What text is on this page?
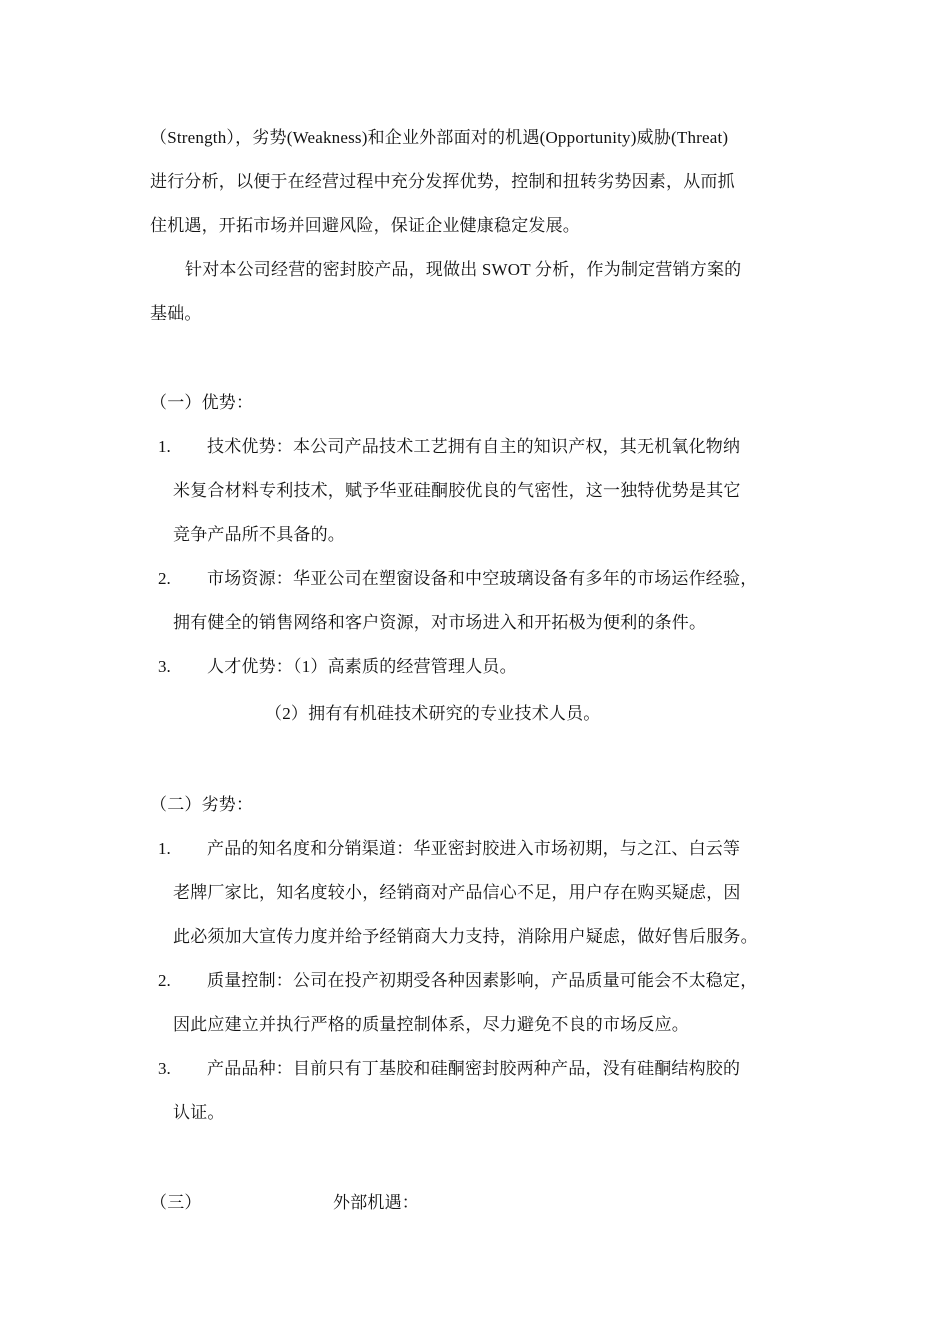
（Strength），劣势(Weakness)和企业外部面对的机遇(Opportunity)威胁(Threat)
进行分析，以便于在经营过程中充分发挥优势，控制和扭转劣势因素，从而抓
住机遇，开拓市场并回避风险，保证企业健康稳定发展。
针对本公司经营的密封胶产品，现做出 SWOT 分析，作为制定营销方案的
基础。
（一）优势：
1. 技术优势：本公司产品技术工艺拥有自主的知识产权，其无机氧化物纳
米复合材料专利技术，赋予华亚硅酮胶优良的气密性，这一独特优势是其它
竞争产品所不具备的。
2. 市场资源：华亚公司在塑窗设备和中空玻璃设备有多年的市场运作经验，
拥有健全的销售网络和客户资源，对市场进入和开拓极为便利的条件。
3. 人才优势：（1）高素质的经营管理人员。
（2）拥有有机硅技术研究的专业技术人员。
（二）劣势：
1. 产品的知名度和分销渠道：华亚密封胶进入市场初期，与之江、白云等
老牌厂家比，知名度较小，经销商对产品信心不足，用户存在购买疑虑，因
此必须加大宣传力度并给予经销商大力支持，消除用户疑虑，做好售后服务。
2. 质量控制：公司在投产初期受各种因素影响，产品质量可能会不太稳定，
因此应建立并执行严格的质量控制体系，尽力避免不良的市场反应。
3. 产品品种：目前只有丁基胶和硅酮密封胶两种产品，没有硅酮结构胶的
认证。
（三）	外部机遇：
